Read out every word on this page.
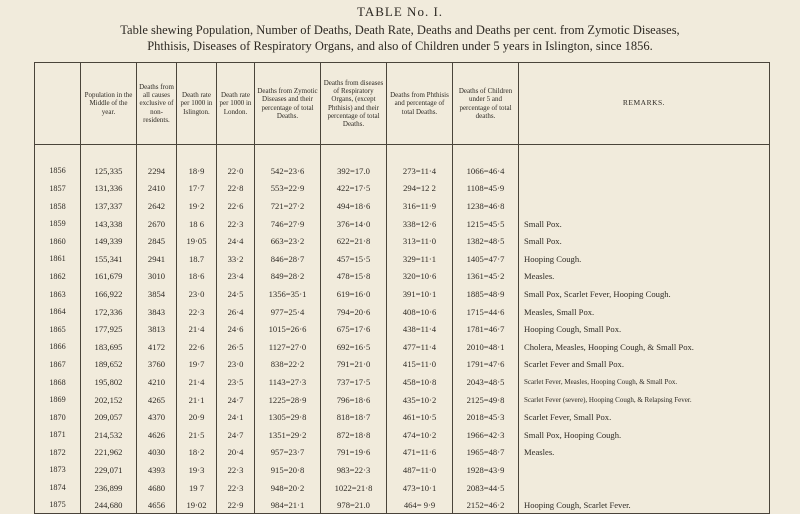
TABLE No. I.
Table shewing Population, Number of Deaths, Death Rate, Deaths and Deaths per cent. from Zymotic Diseases,
Phthisis, Diseases of Respiratory Organs, and also of Children under 5 years in Islington, since 1856.
	Population in the Middle of the year.	Deaths from all causes exclusive of non-residents.	Death rate per 1000 in Islington.	Death rate per 1000 in London.	Deaths from Zymotic Diseases and their percentage of total Deaths.	Deaths from diseases of Respiratory Organs, (except Phthisis) and their percentage of total Deaths.	Deaths from Phthisis and percentage of total Deaths.	Deaths of Children under 5 and percentage of total deaths.	REMARKS.

1856	125,335	2294	18·9	22·0	542=23·6	392=17.0	273=11·4	1066=46·4	
1857	131,336	2410	17·7	22·8	553=22·9	422=17·5	294=12 2	1108=45·9	
1858	137,337	2642	19·2	22·6	721=27·2	494=18·6	316=11·9	1238=46·8	
1859	143,338	2670	18 6	22·3	746=27·9	376=14·0	338=12·6	1215=45·5	Small Pox.
1860	149,339	2845	19·05	24·4	663=23·2	622=21·8	313=11·0	1382=48·5	Small Pox.
1861	155,341	2941	18.7	33·2	846=28·7	457=15·5	329=11·1	1405=47·7	Hooping Cough.
1862	161,679	3010	18·6	23·4	849=28·2	478=15·8	320=10·6	1361=45·2	Measles.
1863	166,922	3854	23·0	24·5	1356=35·1	619=16·0	391=10·1	1885=48·9	Small Pox, Scarlet Fever, Hooping Cough.
1864	172,336	3843	22·3	26·4	977=25·4	794=20·6	408=10·6	1715=44·6	Measles, Small Pox.
1865	177,925	3813	21·4	24·6	1015=26·6	675=17·6	438=11·4	1781=46·7	Hooping Cough, Small Pox.
1866	183,695	4172	22·6	26·5	1127=27·0	692=16·5	477=11·4	2010=48·1	Cholera, Measles, Hooping Cough, & Small Pox.
1867	189,652	3760	19·7	23·0	838=22·2	791=21·0	415=11·0	1791=47·6	Scarlet Fever and Small Pox.
1868	195,802	4210	21·4	23·5	1143=27·3	737=17·5	458=10·8	2043=48·5	Scarlet Fever, Measles, Hooping Cough, & Small Pox.
1869	202,152	4265	21·1	24·7	1225=28·9	796=18·6	435=10·2	2125=49·8	Scarlet Fever (severe), Hooping Cough, & Relapsing Fever.
1870	209,057	4370	20·9	24·1	1305=29·8	818=18·7	461=10·5	2018=45·3	Scarlet Fever, Small Pox.
1871	214,532	4626	21·5	24·7	1351=29·2	872=18·8	474=10·2	1966=42·3	Small Pox, Hooping Cough.
1872	221,962	4030	18·2	20·4	957=23·7	791=19·6	471=11·6	1965=48·7	Measles.
1873	229,071	4393	19·3	22·3	915=20·8	983=22·3	487=11·0	1928=43·9	
1874	236,899	4680	19 7	22·3	948=20·2	1022=21·8	473=10·1	2083=44·5	
1875	244,680	4656	19·02	22·9	984=21·1	978=21.0	464= 9·9	2152=46·2	Hooping Cough, Scarlet Fever.
